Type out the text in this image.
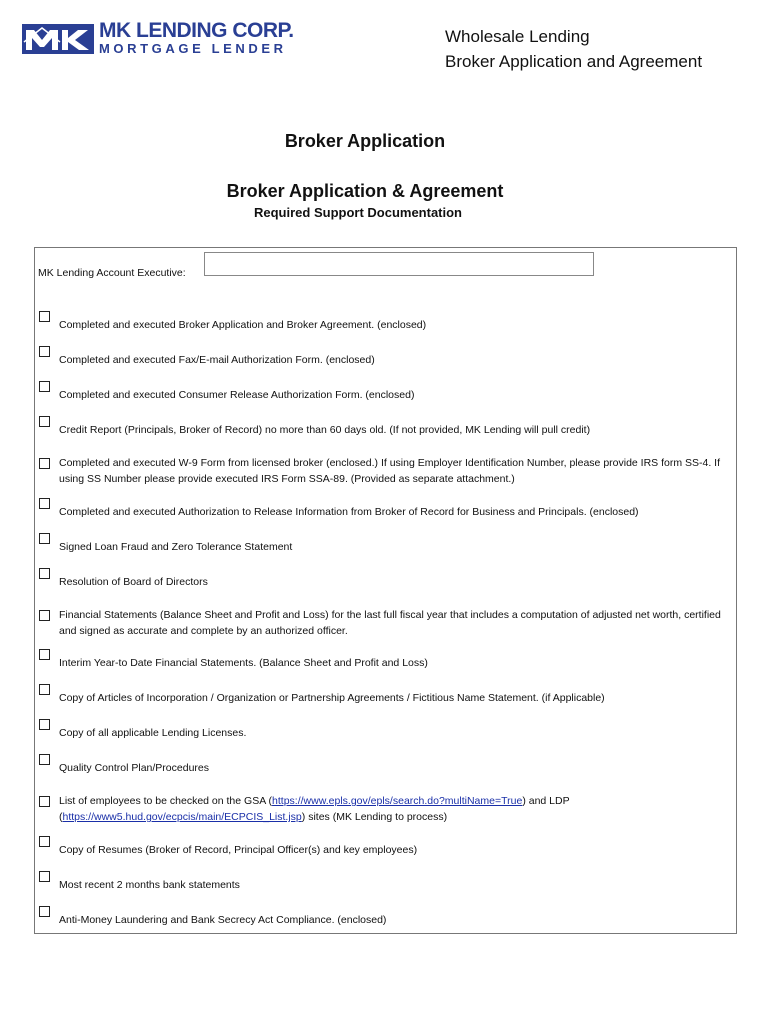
MK LENDING CORP.
MORTGAGE LENDER
Wholesale Lending
Broker Application and Agreement
Broker Application
Broker Application & Agreement
Required Support Documentation
MK Lending Account Executive:
Completed and executed Broker Application and Broker Agreement. (enclosed)
Completed and executed Fax/E-mail Authorization Form. (enclosed)
Completed and executed Consumer Release Authorization Form. (enclosed)
Credit Report (Principals, Broker of Record) no more than 60 days old. (If not provided, MK Lending will pull credit)
Completed and executed W-9 Form from licensed broker (enclosed.) If using Employer Identification Number, please provide IRS form SS-4. If using SS Number please provide executed IRS Form SSA-89. (Provided as separate attachment.)
Completed and executed Authorization to Release Information from Broker of Record for Business and Principals. (enclosed)
Signed Loan Fraud and Zero Tolerance Statement
Resolution of Board of Directors
Financial Statements (Balance Sheet and Profit and Loss) for the last full fiscal year that includes a computation of adjusted net worth, certified and signed as accurate and complete by an authorized officer.
Interim Year-to Date Financial Statements. (Balance Sheet and Profit and Loss)
Copy of Articles of Incorporation / Organization or Partnership Agreements / Fictitious Name Statement. (if Applicable)
Copy of all applicable Lending Licenses.
Quality Control Plan/Procedures
List of employees to be checked on the GSA (https://www.epls.gov/epls/search.do?multiName=True) and LDP (https://www5.hud.gov/ecpcis/main/ECPCIS_List.jsp) sites (MK Lending to process)
Copy of Resumes (Broker of Record, Principal Officer(s) and key employees)
Most recent 2 months bank statements
Anti-Money Laundering and Bank Secrecy Act Compliance. (enclosed)
